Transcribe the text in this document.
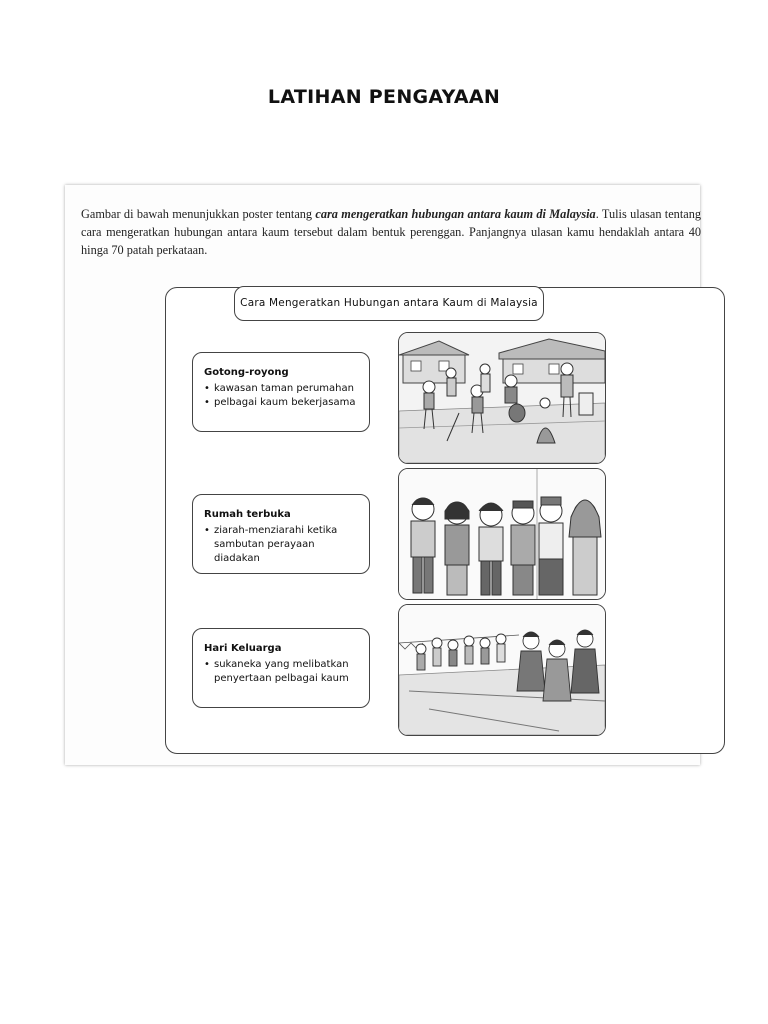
LATIHAN PENGAYAAN

Gambar di bawah menunjukkan poster tentang cara mengeratkan hubungan antara kaum di Malaysia. Tulis ulasan tentang cara mengeratkan hubungan antara kaum tersebut dalam bentuk perenggan. Panjangnya ulasan kamu hendaklah antara 40 hinga 70 patah perkataan.

Cara Mengeratkan Hubungan antara Kaum di Malaysia
Gotong-royong
• kawasan taman perumahan
• pelbagai kaum bekerjasama
Rumah terbuka
• ziarah-menziarahi ketika sambutan perayaan diadakan
Hari Keluarga
• sukaneka yang melibatkan penyertaan pelbagai kaum
